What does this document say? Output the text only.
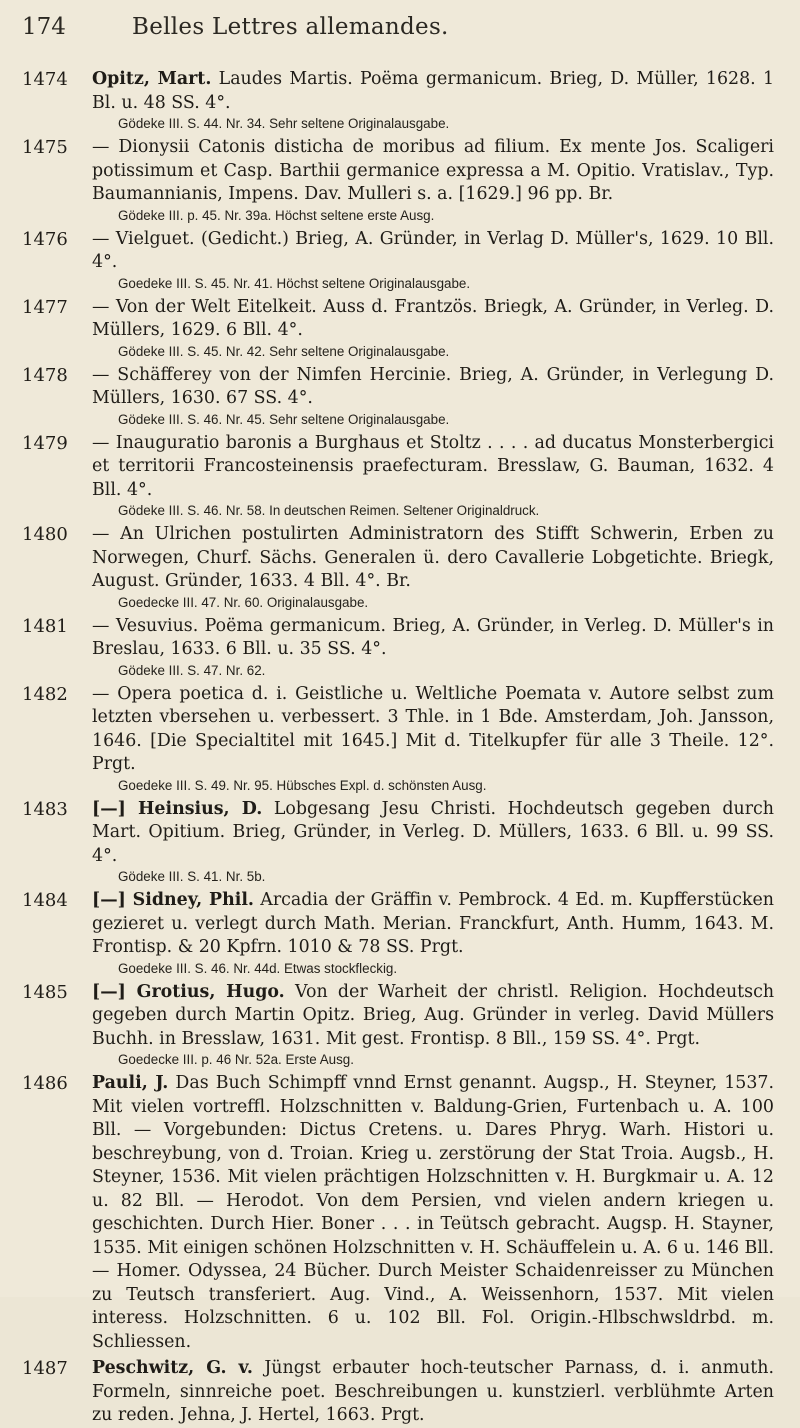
174	Belles Lettres allemandes.
1474	Opitz, Mart. Laudes Martis. Poëma germanicum. Brieg, D. Müller, 1628. 1 Bl. u. 48 SS. 4°.
Gödeke III. S. 44. Nr. 34. Sehr seltene Originalausgabe.
1475	— Dionysii Catonis disticha de moribus ad filium. Ex mente Jos. Scaligeri potissimum et Casp. Barthii germanice expressa a M. Opitio. Vratislav., Typ. Baumannianis, Impens. Dav. Mulleri s. a. [1629.] 96 pp. Br.
Gödeke III. p. 45. Nr. 39a. Höchst seltene erste Ausg.
1476	— Vielguet. (Gedicht.) Brieg, A. Gründer, in Verlag D. Müller's, 1629. 10 Bll. 4°.
Goedeke III. S. 45. Nr. 41. Höchst seltene Originalausgabe.
1477	— Von der Welt Eitelkeit. Auss d. Frantzös. Briegk, A. Gründer, in Verleg. D. Müllers, 1629. 6 Bll. 4°.
Gödeke III. S. 45. Nr. 42. Sehr seltene Originalausgabe.
1478	— Schäfferey von der Nimfen Hercinie. Brieg, A. Gründer, in Verlegung D. Müllers, 1630. 67 SS. 4°.
Gödeke III. S. 46. Nr. 45. Sehr seltene Originalausgabe.
1479	— Inauguratio baronis a Burghaus et Stoltz . . . . ad ducatus Monsterbergici et territorii Francosteinensis praefecturam. Bresslaw, G. Bauman, 1632. 4 Bll. 4°.
Gödeke III. S. 46. Nr. 58. In deutschen Reimen. Seltener Originaldruck.
1480	— An Ulrichen postulirten Administratorn des Stifft Schwerin, Erben zu Norwegen, Churf. Sächs. Generalen ü. dero Cavallerie Lobgetichte. Briegk, August. Gründer, 1633. 4 Bll. 4°. Br.
Goedecke III. 47. Nr. 60. Originalausgabe.
1481	— Vesuvius. Poëma germanicum. Brieg, A. Gründer, in Verleg. D. Müller's in Breslau, 1633. 6 Bll. u. 35 SS. 4°.
Gödeke III. S. 47. Nr. 62.
1482	— Opera poetica d. i. Geistliche u. Weltliche Poemata v. Autore selbst zum letzten vbersehen u. verbessert. 3 Thle. in 1 Bde. Amsterdam, Joh. Jansson, 1646. [Die Specialtitel mit 1645.] Mit d. Titelkupfer für alle 3 Theile. 12°. Prgt.
Goedeke III. S. 49. Nr. 95. Hübsches Expl. d. schönsten Ausg.
1483	[—] Heinsius, D. Lobgesang Jesu Christi. Hochdeutsch gegeben durch Mart. Opitium. Brieg, Gründer, in Verleg. D. Müllers, 1633. 6 Bll. u. 99 SS. 4°.
Gödeke III. S. 41. Nr. 5b.
1484	[—] Sidney, Phil. Arcadia der Gräffin v. Pembrock. 4 Ed. m. Kupfferstücken gezieret u. verlegt durch Math. Merian. Franckfurt, Anth. Humm, 1643. M. Frontisp. & 20 Kpfrn. 1010 & 78 SS. Prgt.
Goedeke III. S. 46. Nr. 44d. Etwas stockfleckig.
1485	[—] Grotius, Hugo. Von der Warheit der christl. Religion. Hochdeutsch gegeben durch Martin Opitz. Brieg, Aug. Gründer in verleg. David Müllers Buchh. in Bresslaw, 1631. Mit gest. Frontisp. 8 Bll., 159 SS. 4°. Prgt.
Goedecke III. p. 46 Nr. 52a. Erste Ausg.
1486	Pauli, J. Das Buch Schimpff vnnd Ernst genannt. Augsp., H. Steyner, 1537. Mit vielen vortreffl. Holzschnitten v. Baldung-Grien, Furtenbach u. A. 100 Bll. — Vorgebunden: Dictus Cretens. u. Dares Phryg. Warh. Histori u. beschreybung, von d. Troian. Krieg u. zerstörung der Stat Troia. Augsb., H. Steyner, 1536. Mit vielen prächtigen Holzschnitten v. H. Burgkmair u. A. 12 u. 82 Bll. — Herodot. Von dem Persien, vnd vielen andern kriegen u. geschichten. Durch Hier. Boner . . . in Teütsch gebracht. Augsp. H. Stayner, 1535. Mit einigen schönen Holzschnitten v. H. Schäuffelein u. A. 6 u. 146 Bll. — Homer. Odyssea, 24 Bücher. Durch Meister Schaidenreisser zu München zu Teutsch transferiert. Aug. Vind., A. Weissenhorn, 1537. Mit vielen interess. Holzschnitten. 6 u. 102 Bll. Fol. Origin.-Hlbschwsldrbd. m. Schliessen.
1487	Peschwitz, G. v. Jüngst erbauter hoch-teutscher Parnass, d. i. anmuth. Formeln, sinnreiche poet. Beschreibungen u. kunstzierl. verblühmte Arten zu reden. Jehna, J. Hertel, 1663. Prgt.
